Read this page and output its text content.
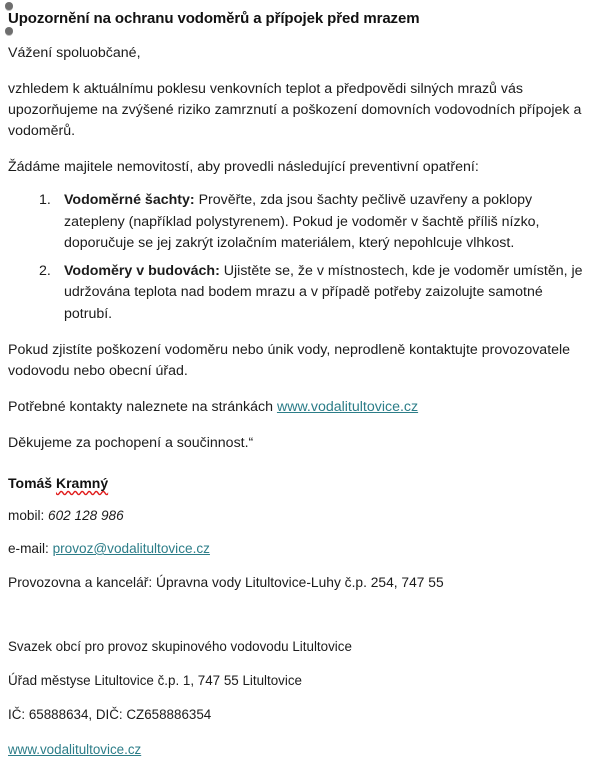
Upozornění na ochranu vodoměrů a přípojek před mrazem

Vážení spoluobčané,

vzhledem k aktuálnímu poklesu venkovních teplot a předpovědi silných mrazů vás upozorňujeme na zvýšené riziko zamrznutí a poškození domovních vodovodních přípojek a vodoměrů.

Žádáme majitele nemovitostí, aby provedli následující preventivní opatření:

Vodoměrné šachty: Prověřte, zda jsou šachty pečlivě uzavřeny a poklopy zatepleny (například polystyrenem). Pokud je vodoměr v šachtě příliš nízko, doporučuje se jej zakrýt izolačním materiálem, který nepohlcuje vlhkost.
Vodoměry v budovách: Ujistěte se, že v místnostech, kde je vodoměr umístěn, je udržována teplota nad bodem mrazu a v případě potřeby zaizolujte samotné potrubí.

Pokud zjistíte poškození vodoměru nebo únik vody, neprodleně kontaktujte provozovatele vodovodu nebo obecní úřad.

Potřebné kontakty naleznete na stránkách www.vodalitultovice.cz

Děkujeme za pochopení a součinnost.“

Tomáš Kramný

mobil: 602 128 986

e-mail: provoz@vodalitultovice.cz

Provozovna a kancelář: Úpravna vody Litultovice-Luhy č.p. 254, 747 55

Svazek obcí pro provoz skupinového vodovodu Litultovice

Úřad městyse Litultovice č.p. 1, 747 55 Litultovice

IČ: 65888634, DIČ: CZ658886354

www.vodalitultovice.cz
